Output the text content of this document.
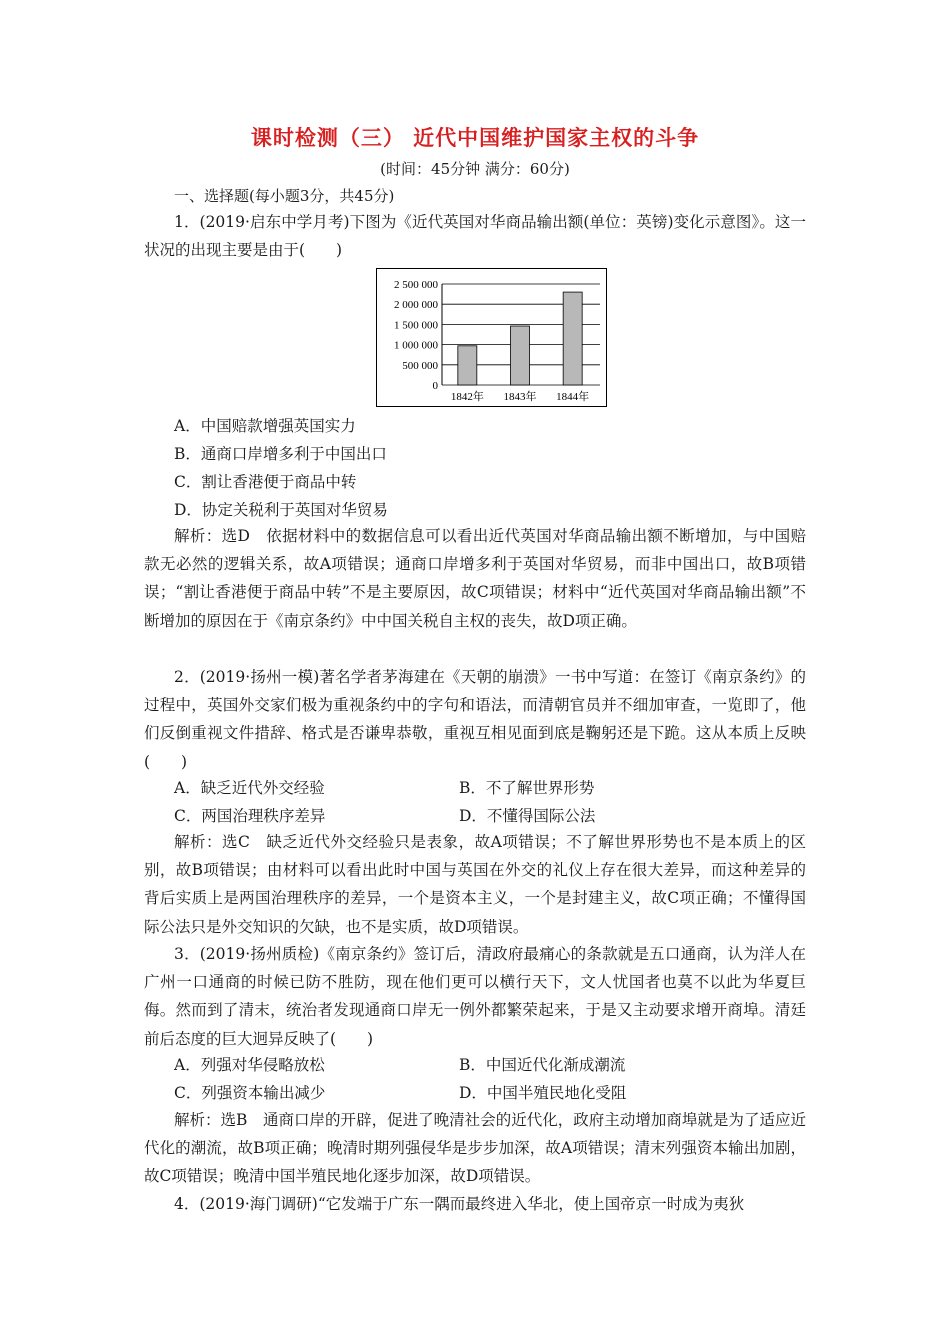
课时检测（三） 近代中国维护国家主权的斗争
(时间：45分钟 满分：60分)
一、选择题(每小题3分，共45分)
1．(2019·启东中学月考)下图为《近代英国对华商品输出额(单位：英镑)变化示意图》。这一状况的出现主要是由于(　　)
2 500 000
2 000 000
1 500 000
1 000 000
500 000
0
1842年 1843年 1844年
A．中国赔款增强英国实力
B．通商口岸增多利于中国出口
C．割让香港便于商品中转
D．协定关税利于英国对华贸易
解析：选D　依据材料中的数据信息可以看出近代英国对华商品输出额不断增加，与中国赔款无必然的逻辑关系，故A项错误；通商口岸增多利于英国对华贸易，而非中国出口，故B项错误；“割让香港便于商品中转”不是主要原因，故C项错误；材料中“近代英国对华商品输出额”不断增加的原因在于《南京条约》中中国关税自主权的丧失，故D项正确。
2．(2019·扬州一模)著名学者茅海建在《天朝的崩溃》一书中写道：在签订《南京条约》的过程中，英国外交家们极为重视条约中的字句和语法，而清朝官员并不细加审查，一览即了，他们反倒重视文件措辞、格式是否谦卑恭敬，重视互相见面到底是鞠躬还是下跪。这从本质上反映(　　)
A．缺乏近代外交经验	B．不了解世界形势
C．两国治理秩序差异	D．不懂得国际公法
解析：选C　缺乏近代外交经验只是表象，故A项错误；不了解世界形势也不是本质上的区别，故B项错误；由材料可以看出此时中国与英国在外交的礼仪上存在很大差异，而这种差异的背后实质上是两国治理秩序的差异，一个是资本主义，一个是封建主义，故C项正确；不懂得国际公法只是外交知识的欠缺，也不是实质，故D项错误。
3．(2019·扬州质检)《南京条约》签订后，清政府最痛心的条款就是五口通商，认为洋人在广州一口通商的时候已防不胜防，现在他们更可以横行天下，文人忧国者也莫不以此为华夏巨侮。然而到了清末，统治者发现通商口岸无一例外都繁荣起来，于是又主动要求增开商埠。清廷前后态度的巨大迥异反映了(　　)
A．列强对华侵略放松	B．中国近代化渐成潮流
C．列强资本输出减少	D．中国半殖民地化受阻
解析：选B　通商口岸的开辟，促进了晚清社会的近代化，政府主动增加商埠就是为了适应近代化的潮流，故B项正确；晚清时期列强侵华是步步加深，故A项错误；清末列强资本输出加剧，故C项错误；晚清中国半殖民地化逐步加深，故D项错误。
4．(2019·海门调研)“它发端于广东一隅而最终进入华北，使上国帝京一时成为夷狄
